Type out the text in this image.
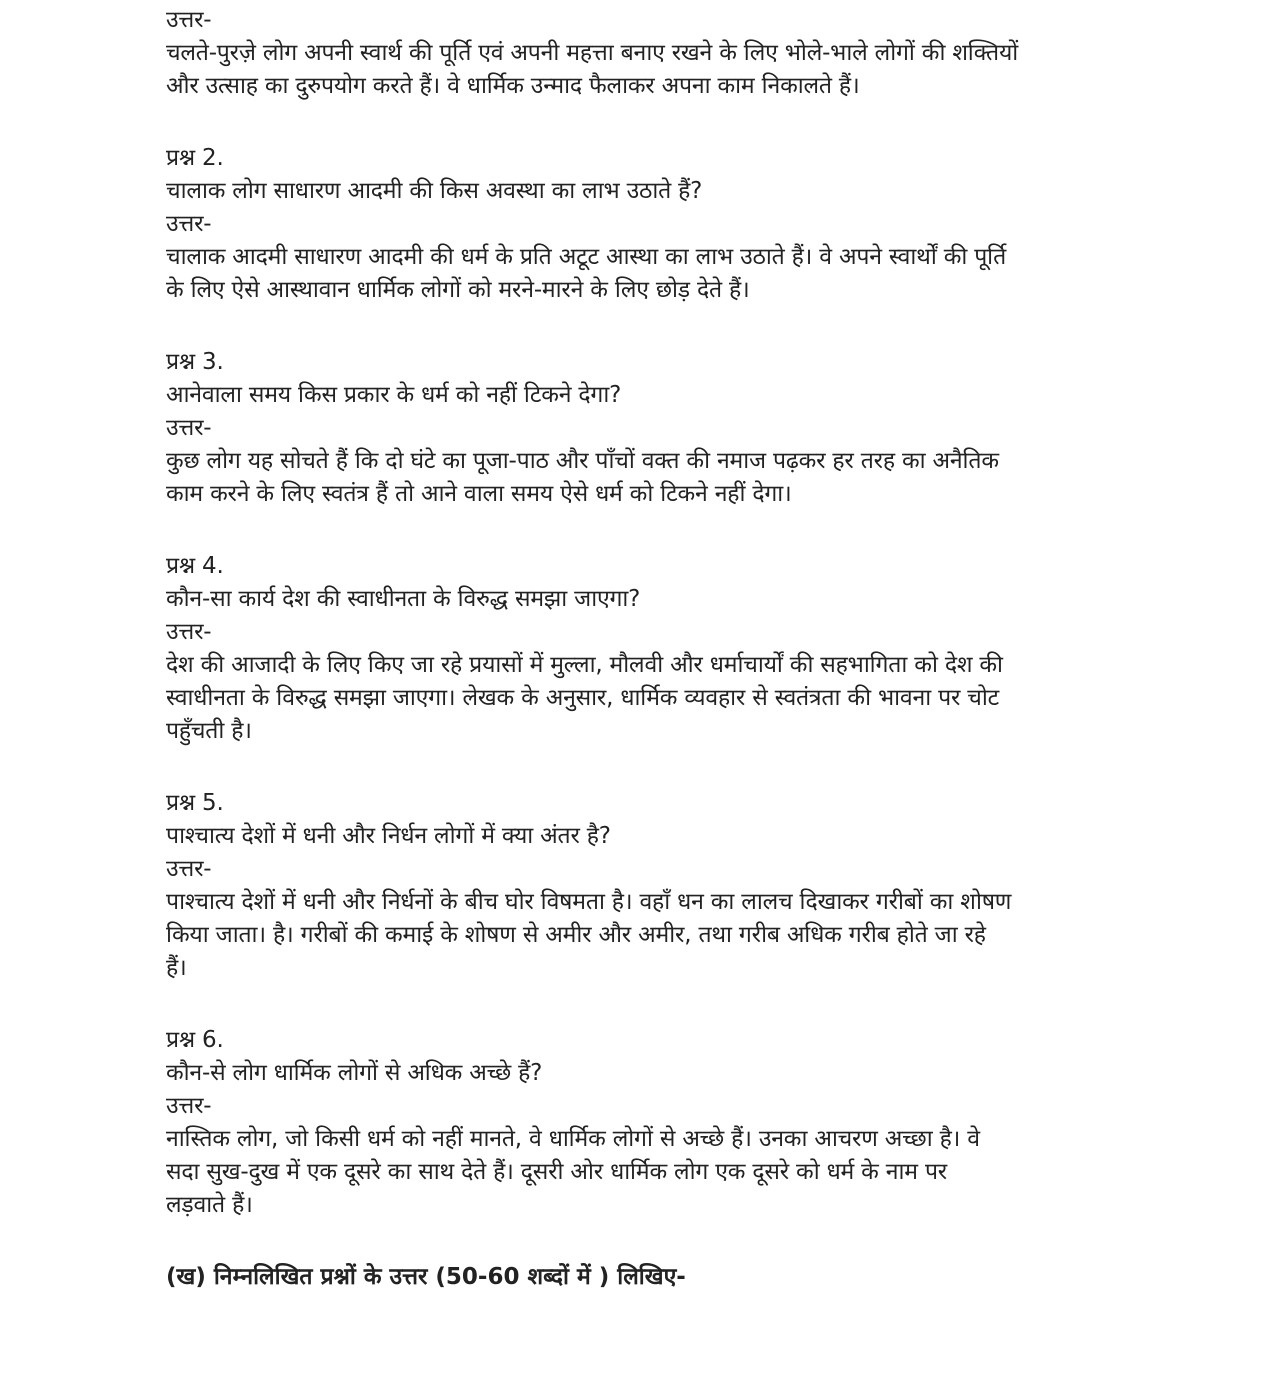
उत्तर-
चलते-पुरज़े लोग अपनी स्वार्थ की पूर्ति एवं अपनी महत्ता बनाए रखने के लिए भोले-भाले लोगों की शक्तियों
और उत्साह का दुरुपयोग करते हैं। वे धार्मिक उन्माद फैलाकर अपना काम निकालते हैं।
प्रश्न 2.
चालाक लोग साधारण आदमी की किस अवस्था का लाभ उठाते हैं?
उत्तर-
चालाक आदमी साधारण आदमी की धर्म के प्रति अटूट आस्था का लाभ उठाते हैं। वे अपने स्वार्थों की पूर्ति
के लिए ऐसे आस्थावान धार्मिक लोगों को मरने-मारने के लिए छोड़ देते हैं।
प्रश्न 3.
आनेवाला समय किस प्रकार के धर्म को नहीं टिकने देगा?
उत्तर-
कुछ लोग यह सोचते हैं कि दो घंटे का पूजा-पाठ और पाँचों वक्त की नमाज पढ़कर हर तरह का अनैतिक
काम करने के लिए स्वतंत्र हैं तो आने वाला समय ऐसे धर्म को टिकने नहीं देगा।
प्रश्न 4.
कौन-सा कार्य देश की स्वाधीनता के विरुद्ध समझा जाएगा?
उत्तर-
देश की आजादी के लिए किए जा रहे प्रयासों में मुल्ला, मौलवी और धर्माचार्यों की सहभागिता को देश की
स्वाधीनता के विरुद्ध समझा जाएगा। लेखक के अनुसार, धार्मिक व्यवहार से स्वतंत्रता की भावना पर चोट
पहुँचती है।
प्रश्न 5.
पाश्चात्य देशों में धनी और निर्धन लोगों में क्या अंतर है?
उत्तर-
पाश्चात्य देशों में धनी और निर्धनों के बीच घोर विषमता है। वहाँ धन का लालच दिखाकर गरीबों का शोषण
किया जाता। है। गरीबों की कमाई के शोषण से अमीर और अमीर, तथा गरीब अधिक गरीब होते जा रहे
हैं।
प्रश्न 6.
कौन-से लोग धार्मिक लोगों से अधिक अच्छे हैं?
उत्तर-
नास्तिक लोग, जो किसी धर्म को नहीं मानते, वे धार्मिक लोगों से अच्छे हैं। उनका आचरण अच्छा है। वे
सदा सुख-दुख में एक दूसरे का साथ देते हैं। दूसरी ओर धार्मिक लोग एक दूसरे को धर्म के नाम पर
लड़वाते हैं।
(ख) निम्नलिखित प्रश्नों के उत्तर (50-60 शब्दों में ) लिखिए-
